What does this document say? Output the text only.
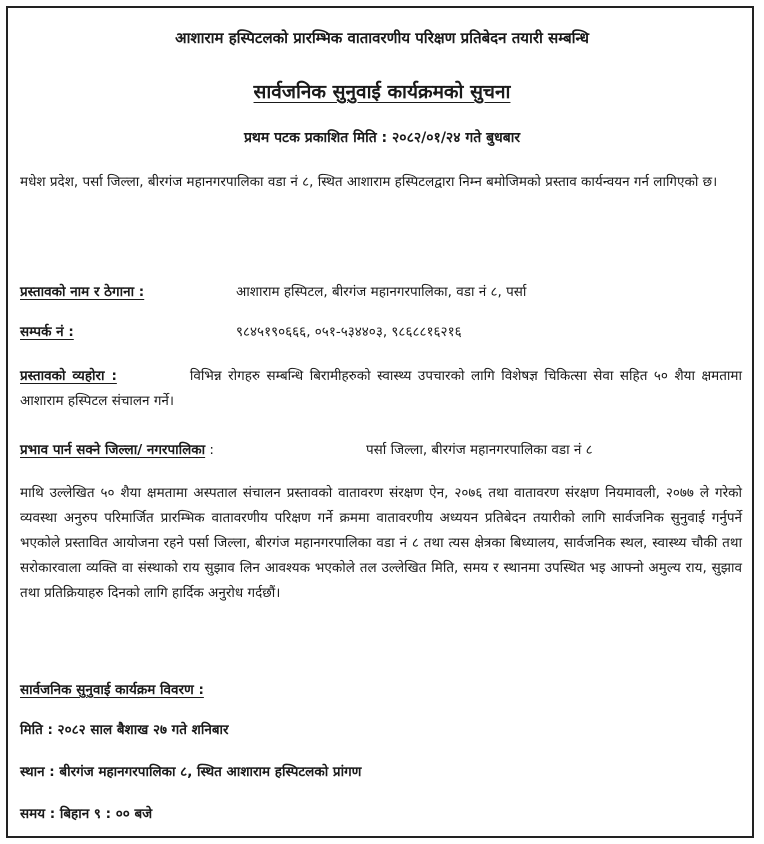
आशाराम हस्पिटलको प्रारम्भिक वातावरणीय परिक्षण प्रतिबेदन तयारी सम्बन्धि
सार्वजनिक सुनुवाई कार्यक्रमको सुचना
प्रथम पटक प्रकाशित मिति : २०८२/०१/२४ गते बुधबार
मधेश प्रदेश, पर्सा जिल्ला, बीरगंज महानगरपालिका वडा नं ८, स्थित आशाराम हस्पिटलद्वारा निम्न बमोजिमको प्रस्ताव कार्यन्वयन गर्न लागिएको छ।
प्रस्तावको नाम र ठेगाना :	आशाराम हस्पिटल, बीरगंज महानगरपालिका, वडा नं ८, पर्सा
सम्पर्क नं :	९८४५१९०६६६, ०५१-५३४४०३, ९८६८८१६२१६
प्रस्तावको व्यहोरा :	विभिन्न रोगहरु सम्बन्धि बिरामीहरुको स्वास्थ्य उपचारको लागि विशेषज्ञ चिकित्सा सेवा सहित ५० शैया क्षमतामा आशाराम हस्पिटल संचालन गर्ने।
प्रभाव पार्न सक्ने जिल्ला/ नगरपालिका :	पर्सा जिल्ला, बीरगंज महानगरपालिका वडा नं ८
माथि उल्लेखित ५० शैया क्षमतामा अस्पताल संचालन प्रस्तावको वातावरण संरक्षण ऐन, २०७६ तथा वातावरण संरक्षण नियमावली, २०७७ ले गरेको व्यवस्था अनुरुप परिमार्जित प्रारम्भिक वातावरणीय परिक्षण गर्ने क्रममा वातावरणीय अध्ययन प्रतिबेदन तयारीको लागि सार्वजनिक सुनुवाई गर्नुपर्ने भएकोले प्रस्तावित आयोजना रहने पर्सा जिल्ला, बीरगंज महानगरपालिका वडा नं ८ तथा त्यस क्षेत्रका बिध्यालय, सार्वजनिक स्थल, स्वास्थ्य चौकी तथा सरोकारवाला व्यक्ति वा संस्थाको राय सुझाव लिन आवश्यक भएकोले तल उल्लेखित मिति, समय र स्थानमा उपस्थित भइ आफ्नो अमुल्य राय, सुझाव तथा प्रतिक्रियाहरु दिनको लागि हार्दिक अनुरोध गर्दछौं।
सार्वजनिक सुनुवाई कार्यक्रम विवरण :
मिति : २०८२ साल बैशाख २७ गते शनिबार
स्थान : बीरगंज महानगरपालिका ८, स्थित आशाराम हस्पिटलको प्रांगण
समय : बिहान ९ : ०० बजे
